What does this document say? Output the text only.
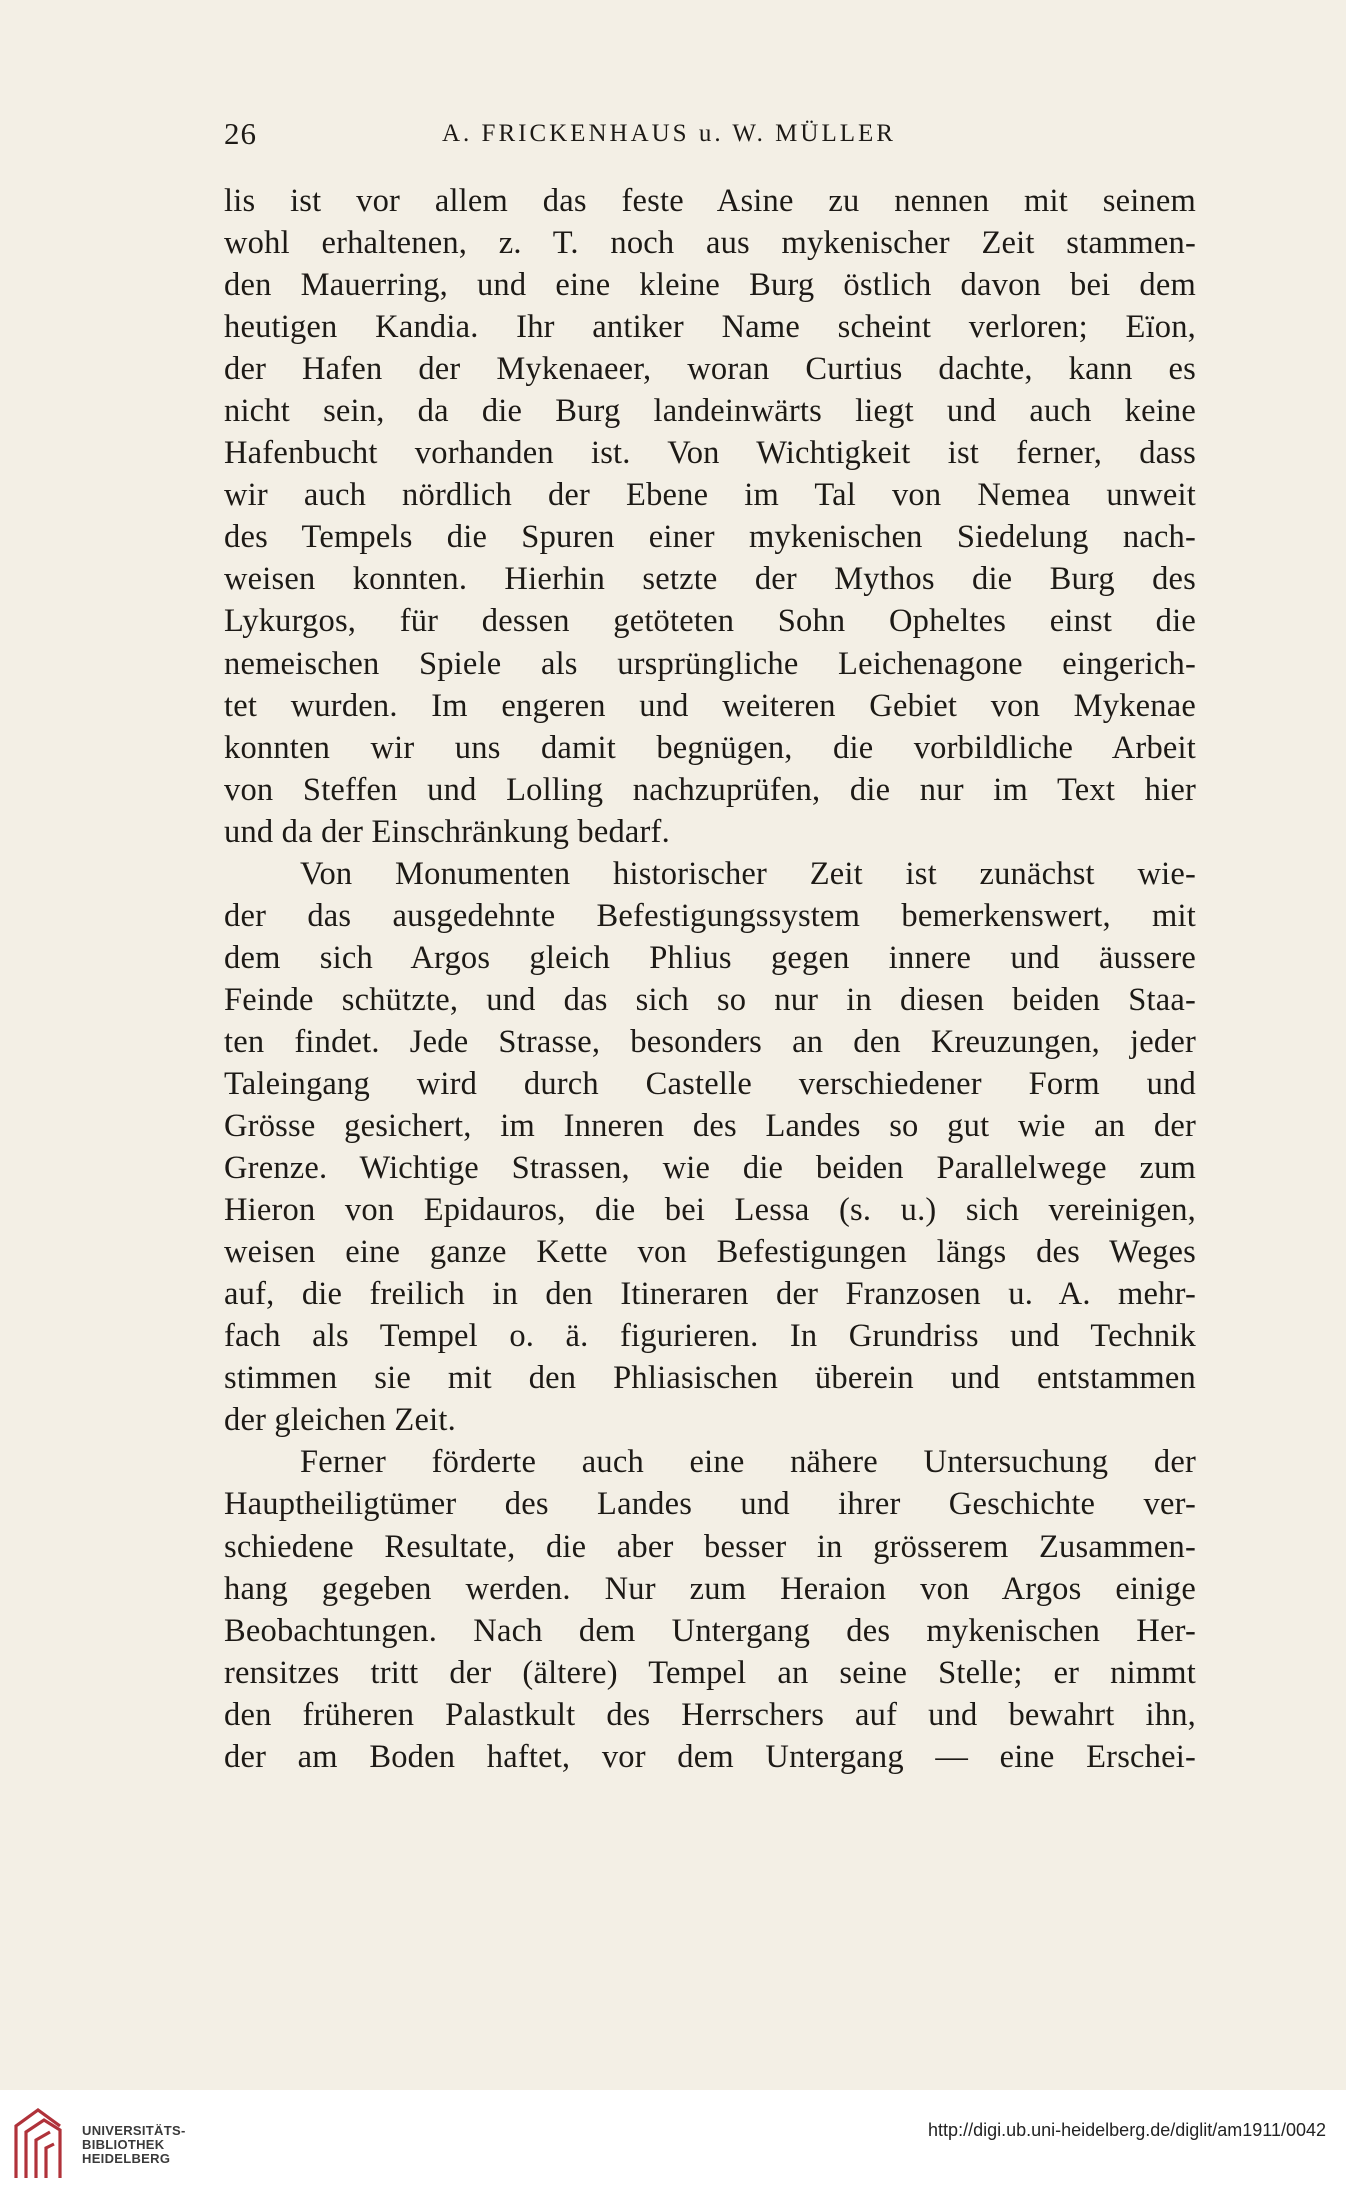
26	A. FRICKENHAUS u. W. MÜLLER
lis ist vor allem das feste Asine zu nennen mit seinem
wohl erhaltenen, z. T. noch aus mykenischer Zeit stammen-
den Mauerring, und eine kleine Burg östlich davon bei dem
heutigen Kandia. Ihr antiker Name scheint verloren; Eïon,
der Hafen der Mykenaeer, woran Curtius dachte, kann es
nicht sein, da die Burg landeinwärts liegt und auch keine
Hafenbucht vorhanden ist. Von Wichtigkeit ist ferner, dass
wir auch nördlich der Ebene im Tal von Nemea unweit
des Tempels die Spuren einer mykenischen Siedelung nach-
weisen konnten. Hierhin setzte der Mythos die Burg des
Lykurgos, für dessen getöteten Sohn Opheltes einst die
nemeischen Spiele als ursprüngliche Leichenagone eingerich-
tet wurden. Im engeren und weiteren Gebiet von Mykenae
konnten wir uns damit begnügen, die vorbildliche Arbeit
von Steffen und Lolling nachzuprüfen, die nur im Text hier
und da der Einschränkung bedarf.
Von Monumenten historischer Zeit ist zunächst wie-
der das ausgedehnte Befestigungssystem bemerkenswert, mit
dem sich Argos gleich Phlius gegen innere und äussere
Feinde schützte, und das sich so nur in diesen beiden Staa-
ten findet. Jede Strasse, besonders an den Kreuzungen, jeder
Taleingang wird durch Castelle verschiedener Form und
Grösse gesichert, im Inneren des Landes so gut wie an der
Grenze. Wichtige Strassen, wie die beiden Parallelwege zum
Hieron von Epidauros, die bei Lessa (s. u.) sich vereinigen,
weisen eine ganze Kette von Befestigungen längs des Weges
auf, die freilich in den Itineraren der Franzosen u. A. mehr-
fach als Tempel o. ä. figurieren. In Grundriss und Technik
stimmen sie mit den Phliasischen überein und entstammen
der gleichen Zeit.
Ferner förderte auch eine nähere Untersuchung der
Hauptheiligtümer des Landes und ihrer Geschichte ver-
schiedene Resultate, die aber besser in grösserem Zusammen-
hang gegeben werden. Nur zum Heraion von Argos einige
Beobachtungen. Nach dem Untergang des mykenischen Her-
rensitzes tritt der (ältere) Tempel an seine Stelle; er nimmt
den früheren Palastkult des Herrschers auf und bewahrt ihn,
der am Boden haftet, vor dem Untergang — eine Erschei-
UNIVERSITÄTS-
BIBLIOTHEK
HEIDELBERG
http://digi.ub.uni-heidelberg.de/diglit/am1911/0042
